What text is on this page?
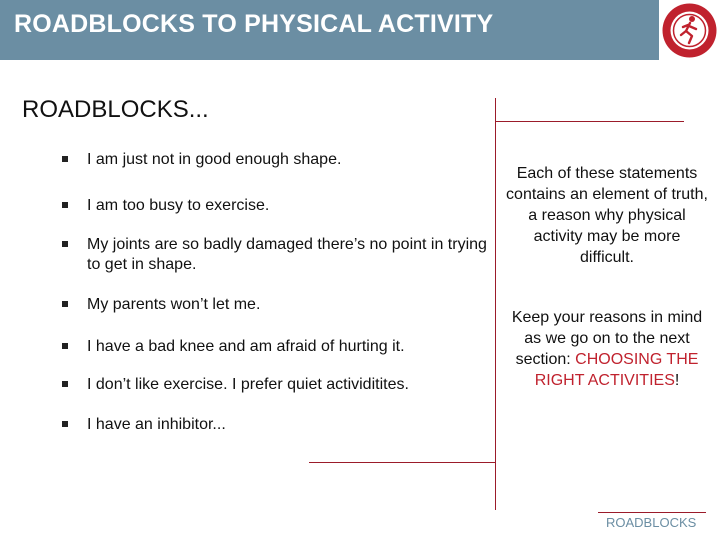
ROADBLOCKS TO PHYSICAL ACTIVITY
ROADBLOCKS...
I am just not in good enough shape.
I am too busy to exercise.
My joints are so badly damaged there’s no point in trying to get in shape.
My parents won’t let me.
I have a bad knee and am afraid of hurting it.
I don’t like exercise. I prefer quiet actividitites.
I have an inhibitor...
Each of these statements contains an element of truth, a reason why physical activity may be more difficult.
Keep your reasons in mind as we go on to the next section: CHOOSING THE RIGHT ACTIVITIES!
ROADBLOCKS
